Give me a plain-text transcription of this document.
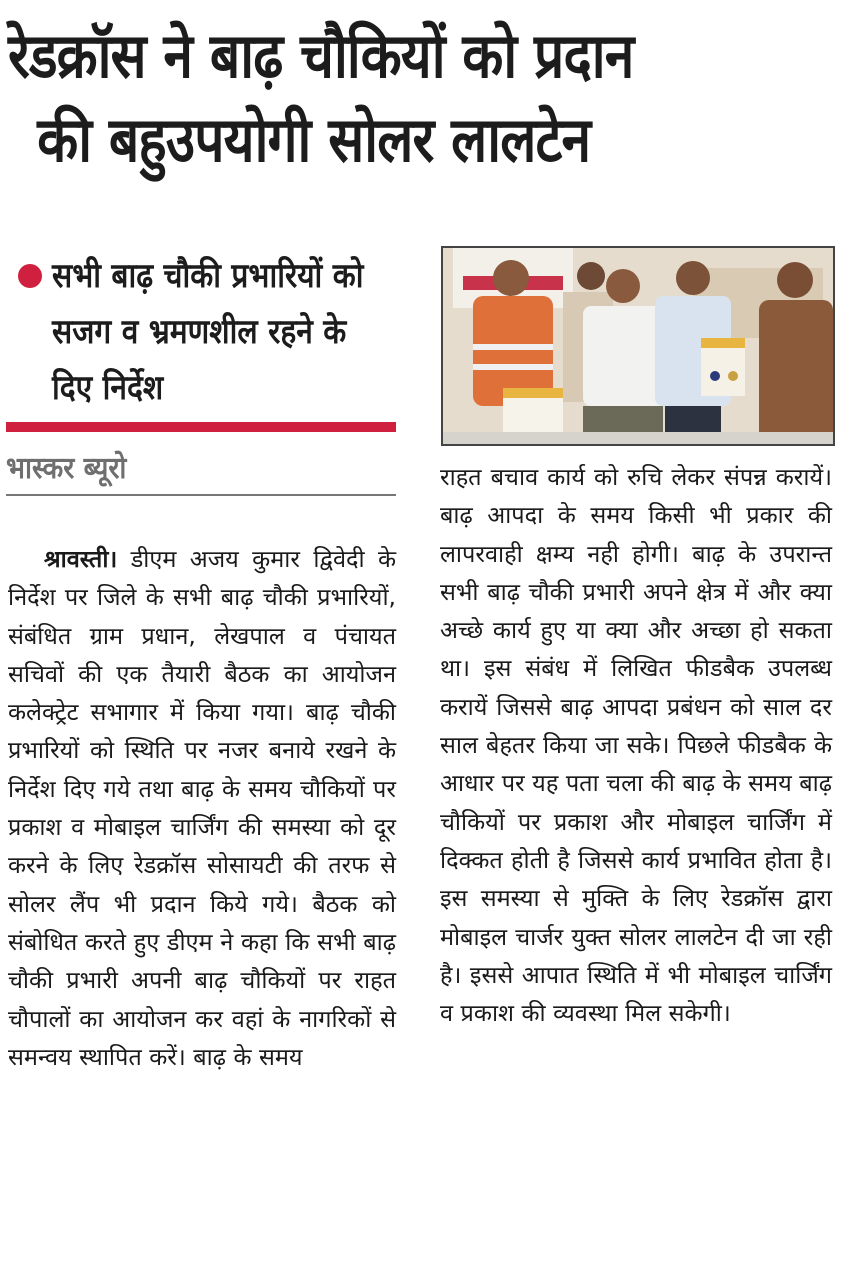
रेडक्रॉस ने बाढ़ चौकियों को प्रदान
की बहुउपयोगी सोलर लालटेन
सभी बाढ़ चौकी प्रभारियों को सजग व भ्रमणशील रहने के दिए निर्देश
भास्कर ब्यूरो

श्रावस्ती। डीएम अजय कुमार द्विवेदी के निर्देश पर जिले के सभी बाढ़ चौकी प्रभारियों, संबंधित ग्राम प्रधान, लेखपाल व पंचायत सचिवों की एक तैयारी बैठक का आयोजन कलेक्ट्रेट सभागार में किया गया। बाढ़ चौकी प्रभारियों को स्थिति पर नजर बनाये रखने के निर्देश दिए गये तथा बाढ़ के समय चौकियों पर प्रकाश व मोबाइल चार्जिंग की समस्या को दूर करने के लिए रेडक्रॉस सोसायटी की तरफ से सोलर लैंप भी प्रदान किये गये। बैठक को संबोधित करते हुए डीएम ने कहा कि सभी बाढ़ चौकी प्रभारी अपनी बाढ़ चौकियों पर राहत चौपालों का आयोजन कर वहां के नागरिकों से समन्वय स्थापित करें। बाढ़ के समय

राहत बचाव कार्य को रुचि लेकर संपन्न करायें। बाढ़ आपदा के समय किसी भी प्रकार की लापरवाही क्षम्य नही होगी। बाढ़ के उपरान्त सभी बाढ़ चौकी प्रभारी अपने क्षेत्र में और क्या अच्छे कार्य हुए या क्या और अच्छा हो सकता था। इस संबंध में लिखित फीडबैक उपलब्ध करायें जिससे बाढ़ आपदा प्रबंधन को साल दर साल बेहतर किया जा सके। पिछले फीडबैक के आधार पर यह पता चला की बाढ़ के समय बाढ़ चौकियों पर प्रकाश और मोबाइल चार्जिंग में दिक्कत होती है जिससे कार्य प्रभावित होता है। इस समस्या से मुक्ति के लिए रेडक्रॉस द्वारा मोबाइल चार्जर युक्त सोलर लालटेन दी जा रही है। इससे आपात स्थिति में भी मोबाइल चार्जिंग व प्रकाश की व्यवस्था मिल सकेगी।
